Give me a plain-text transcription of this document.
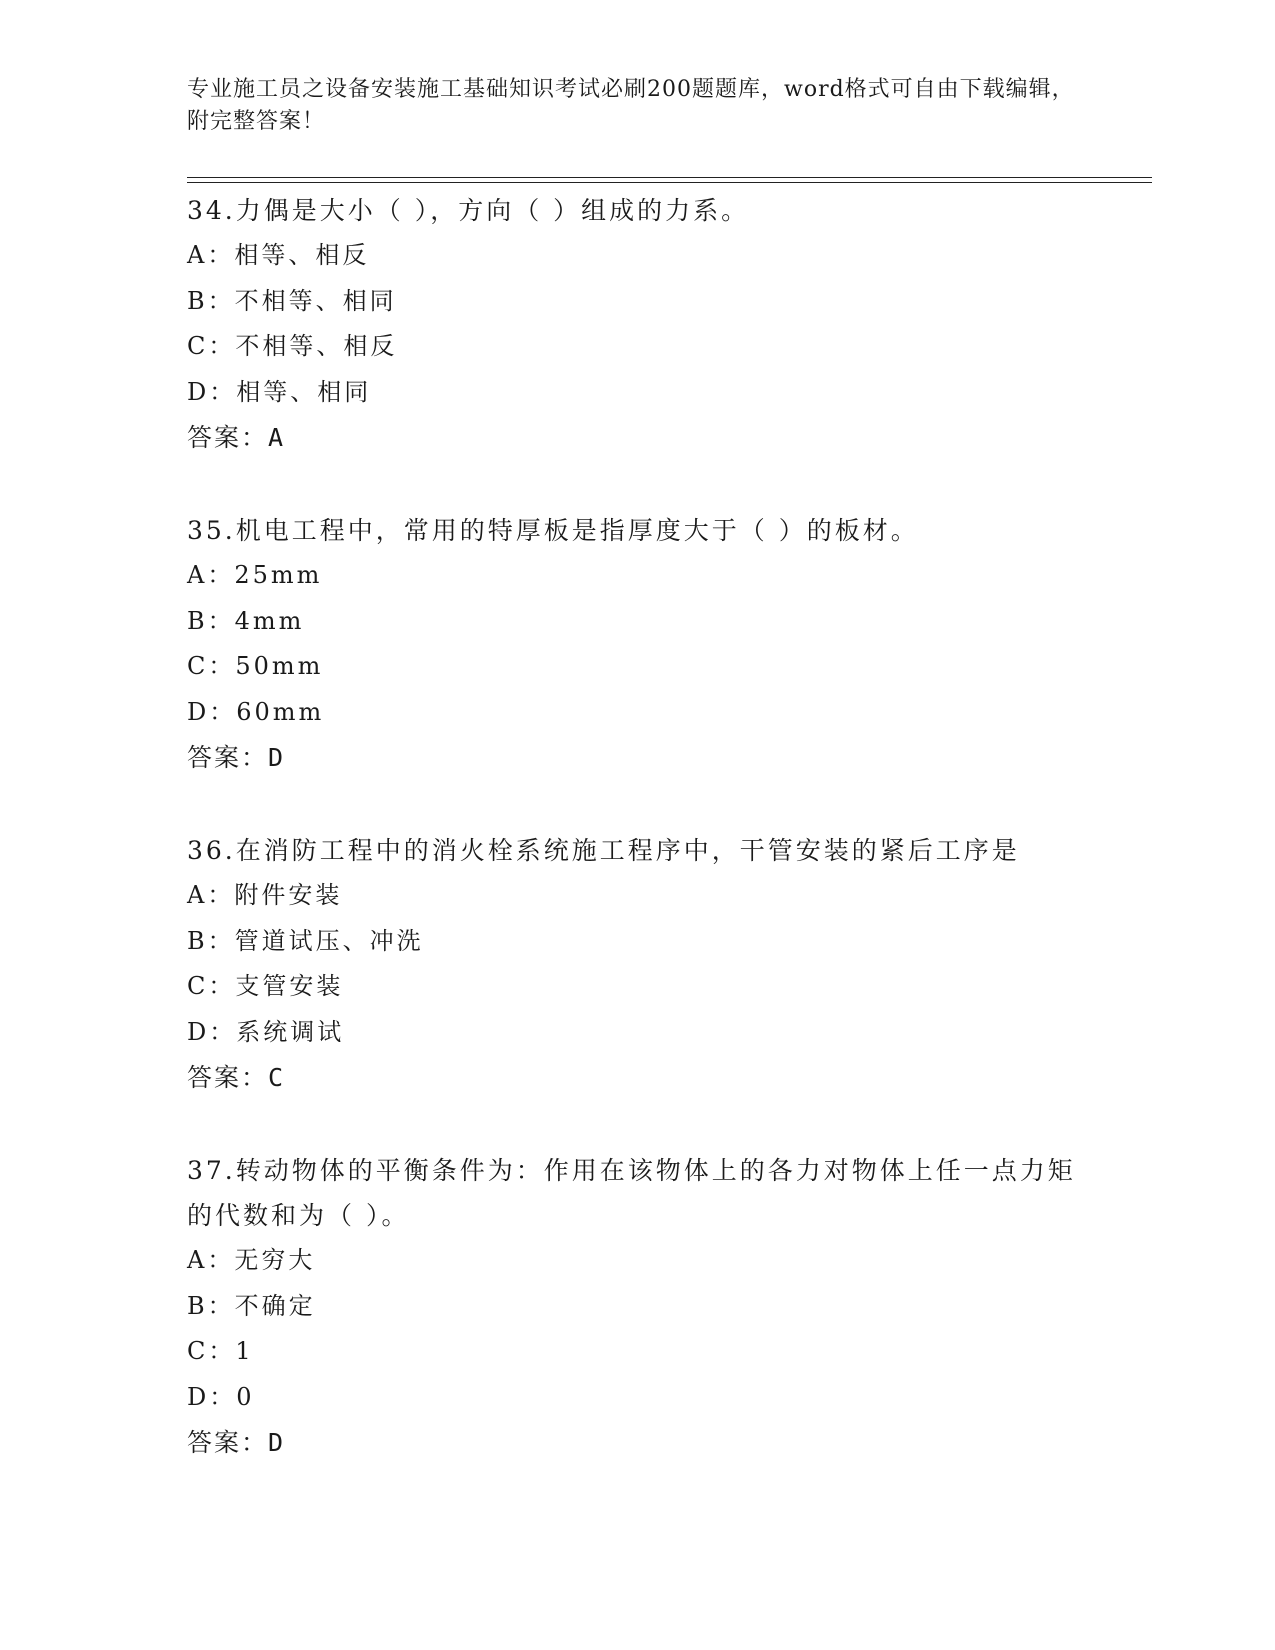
专业施工员之设备安装施工基础知识考试必刷200题题库，word格式可自由下载编辑，附完整答案！
34.力偶是大小（ ），方向（ ）组成的力系。
A：相等、相反
B：不相等、相同
C：不相等、相反
D：相等、相同
答案：A
35.机电工程中，常用的特厚板是指厚度大于（ ）的板材。
A：25mm
B：4mm
C：50mm
D：60mm
答案：D
36.在消防工程中的消火栓系统施工程序中，干管安装的紧后工序是
A：附件安装
B：管道试压、冲洗
C：支管安装
D：系统调试
答案：C
37.转动物体的平衡条件为：作用在该物体上的各力对物体上任一点力矩的代数和为（ ）。
A：无穷大
B：不确定
C：1
D：0
答案：D
